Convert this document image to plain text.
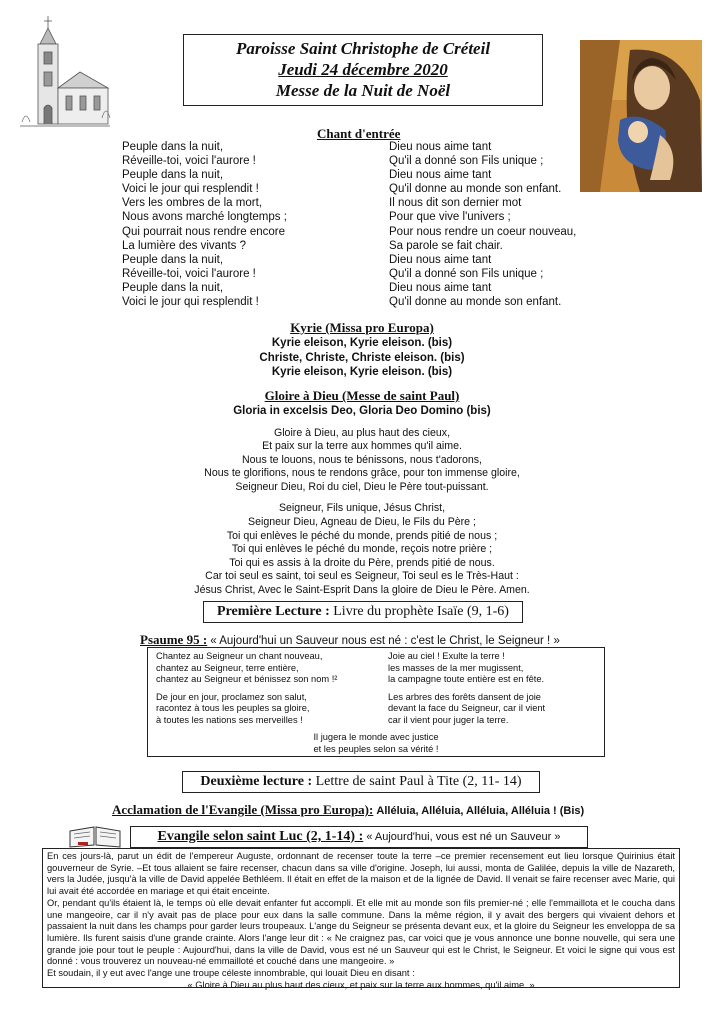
Paroisse Saint Christophe de Créteil
Jeudi 24 décembre 2020
Messe de la Nuit de Noël
Chant d'entrée
Peuple dans la nuit,
Réveille-toi, voici l'aurore !
Peuple dans la nuit,
Voici le jour qui resplendit !
Vers les ombres de la mort,
Nous avons marché longtemps ;
Qui pourrait nous rendre encore
La lumière des vivants ?
Peuple dans la nuit,
Réveille-toi, voici l'aurore !
Peuple dans la nuit,
Voici le jour qui resplendit !
Dieu nous aime tant
Qu'il a donné son Fils unique ;
Dieu nous aime tant
Qu'il donne au monde son enfant.
Il nous dit son dernier mot
Pour que vive l'univers ;
Pour nous rendre un coeur nouveau,
Sa parole se fait chair.
Dieu nous aime tant
Qu'il a donné son Fils unique ;
Dieu nous aime tant
Qu'il donne au monde son enfant.
Kyrie (Missa pro Europa)
Kyrie eleison, Kyrie eleison. (bis)
Christe, Christe, Christe eleison. (bis)
Kyrie eleison, Kyrie eleison. (bis)
Gloire à Dieu (Messe de saint Paul)
Gloria in excelsis Deo, Gloria Deo Domino (bis)
Gloire à Dieu, au plus haut des cieux,
Et paix sur la terre aux hommes qu'il aime.
Nous te louons, nous te bénissons, nous t'adorons,
Nous te glorifions, nous te rendons grâce, pour ton immense gloire,
Seigneur Dieu, Roi du ciel, Dieu le Père tout-puissant.
Seigneur, Fils unique, Jésus Christ,
Seigneur Dieu, Agneau de Dieu, le Fils du Père ;
Toi qui enlèves le péché du monde, prends pitié de nous ;
Toi qui enlèves le péché du monde, reçois notre prière ;
Toi qui es assis à la droite du Père, prends pitié de nous.
Car toi seul es saint, toi seul es Seigneur, Toi seul es le Très-Haut :
Jésus Christ, Avec le Saint-Esprit Dans la gloire de Dieu le Père. Amen.
Première Lecture : Livre du prophète Isaïe (9, 1-6)
Psaume 95 : « Aujourd'hui un Sauveur nous est né : c'est le Christ, le Seigneur ! »
Chantez au Seigneur un chant nouveau,
chantez au Seigneur, terre entière,
chantez au Seigneur et bénissez son nom !²
De jour en jour, proclamez son salut,
racontez à tous les peuples sa gloire,
à toutes les nations ses merveilles !
Joie au ciel ! Exulte la terre !
les masses de la mer mugissent,
la campagne toute entière est en fête.
Les arbres des forêts dansent de joie
devant la face du Seigneur, car il vient
car il vient pour juger la terre.
Il jugera le monde avec justice
et les peuples selon sa vérité !
Deuxième lecture : Lettre de saint Paul à Tite (2, 11- 14)
Acclamation de l'Evangile (Missa pro Europa): Alléluia, Alléluia, Alléluia, Alléluia ! (Bis)
Evangile selon saint Luc (2, 1-14) : « Aujourd'hui, vous est né un Sauveur »
En ces jours-là, parut un édit de l'empereur Auguste, ordonnant de recenser toute la terre –ce premier recensement eut lieu lorsque Quirinius était gouverneur de Syrie. –Et tous allaient se faire recenser, chacun dans sa ville d'origine. Joseph, lui aussi, monta de Galilée, depuis la ville de Nazareth, vers la Judée, jusqu'à la ville de David appelée Bethléem. Il était en effet de la maison et de la lignée de David. Il venait se faire recenser avec Marie, qui lui avait été accordée en mariage et qui était enceinte.
Or, pendant qu'ils étaient là, le temps où elle devait enfanter fut accompli. Et elle mit au monde son fils premier-né ; elle l'emmaillota et le coucha dans une mangeoire, car il n'y avait pas de place pour eux dans la salle commune. Dans la même région, il y avait des bergers qui vivaient dehors et passaient la nuit dans les champs pour garder leurs troupeaux. L'ange du Seigneur se présenta devant eux, et la gloire du Seigneur les enveloppa de sa lumière. Ils furent saisis d'une grande crainte. Alors l'ange leur dit : « Ne craignez pas, car voici que je vous annonce une bonne nouvelle, qui sera une grande joie pour tout le peuple : Aujourd'hui, dans la ville de David, vous est né un Sauveur qui est le Christ, le Seigneur. Et voici le signe qui vous est donné : vous trouverez un nouveau-né emmailloté et couché dans une mangeoire. »
Et soudain, il y eut avec l'ange une troupe céleste innombrable, qui louait Dieu en disant :
« Gloire à Dieu au plus haut des cieux, et paix sur la terre aux hommes, qu'il aime. »
